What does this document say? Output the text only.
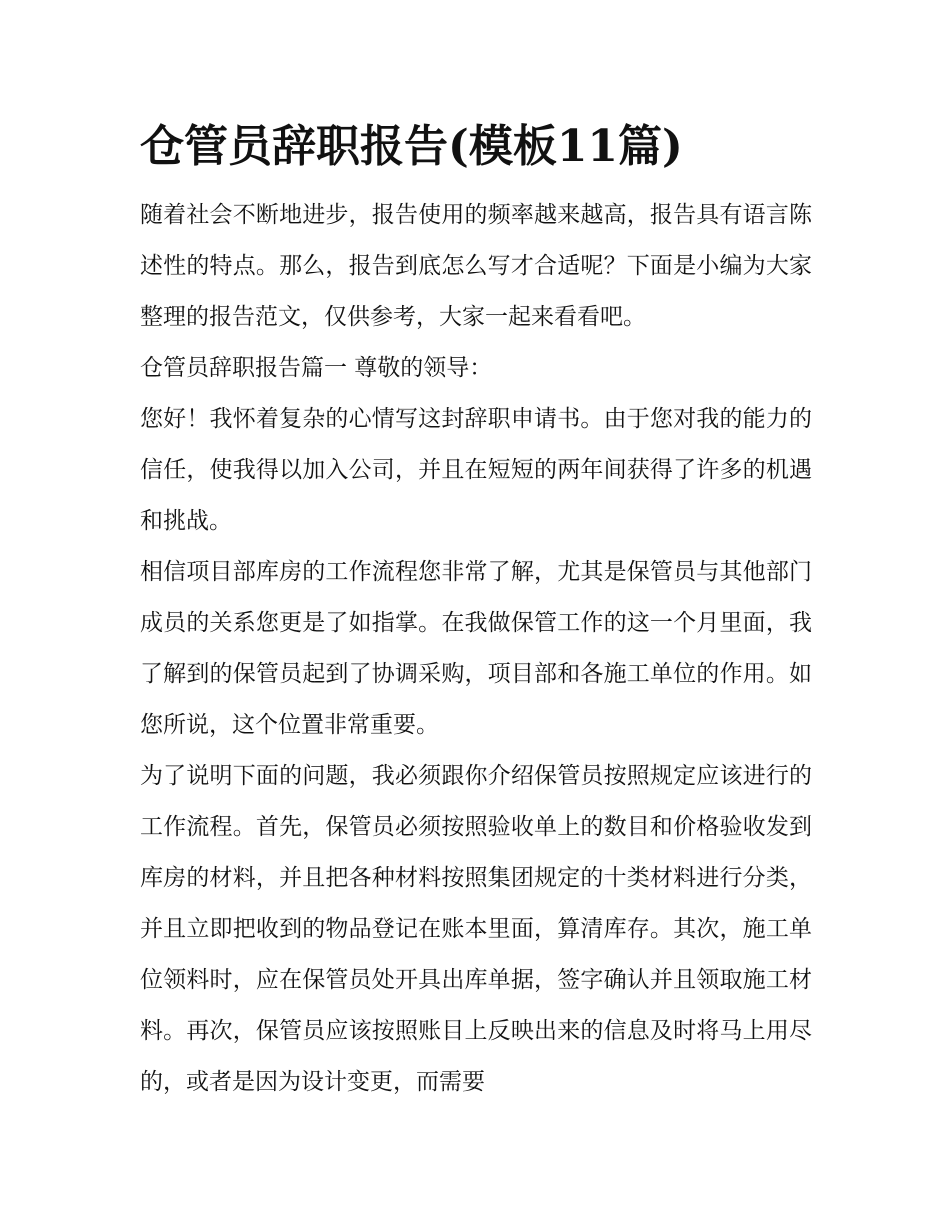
仓管员辞职报告(模板11篇)

随着社会不断地进步，报告使用的频率越来越高，报告具有语言陈述性的特点。那么，报告到底怎么写才合适呢？下面是小编为大家整理的报告范文，仅供参考，大家一起来看看吧。

仓管员辞职报告篇一 尊敬的领导：

您好！我怀着复杂的心情写这封辞职申请书。由于您对我的能力的信任，使我得以加入公司，并且在短短的两年间获得了许多的机遇和挑战。

相信项目部库房的工作流程您非常了解，尤其是保管员与其他部门成员的关系您更是了如指掌。在我做保管工作的这一个月里面，我了解到的保管员起到了协调采购，项目部和各施工单位的作用。如您所说，这个位置非常重要。

为了说明下面的问题，我必须跟你介绍保管员按照规定应该进行的工作流程。首先，保管员必须按照验收单上的数目和价格验收发到库房的材料，并且把各种材料按照集团规定的十类材料进行分类，并且立即把收到的物品登记在账本里面，算清库存。其次，施工单位领料时，应在保管员处开具出库单据，签字确认并且领取施工材料。再次，保管员应该按照账目上反映出来的信息及时将马上用尽的，或者是因为设计变更，而需要
